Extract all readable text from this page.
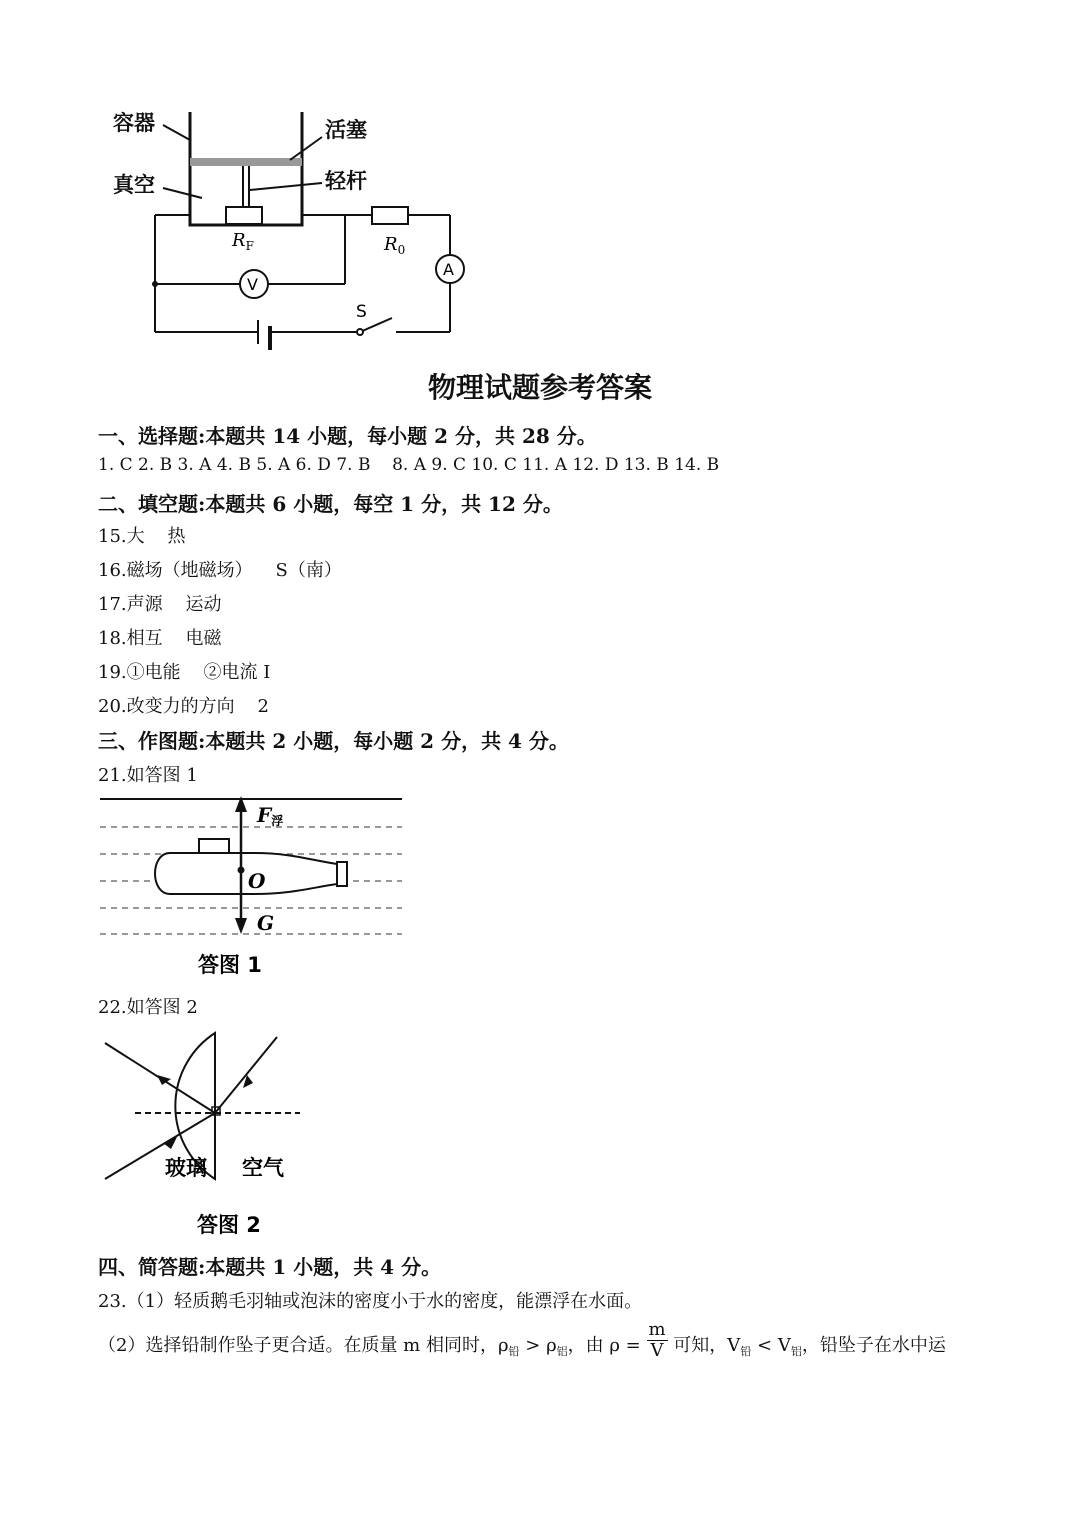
容器	活塞
真空	轻杆
$R_F$	$R_0$
A
V
S
物理试题参考答案
一、选择题:本题共 14 小题，每小题 2 分，共 28 分。
1. C 2. B 3. A 4. B 5. A 6. D 7. B    8. A 9. C 10. C 11. A 12. D 13. B 14. B
二、填空题:本题共 6 小题，每空 1 分，共 12 分。
15.大    热
16.磁场（地磁场）    S（南）
17.声源    运动
18.相互    电磁
19.①电能    ②电流 I
20.改变力的方向    2
三、作图题:本题共 2 小题，每小题 2 分，共 4 分。
21.如答图 1
F浮
O
G
答图 1
22.如答图 2
玻璃 空气
答图 2
四、简答题:本题共 1 小题，共 4 分。
23.（1）轻质鹅毛羽轴或泡沫的密度小于水的密度，能漂浮在水面。
（2）选择铅制作坠子更合适。在质量 m 相同时，$\rho_铅 > \rho_铝$，由 $\rho = \frac{m}{V}$ 可知，$V_铅 < V_铝$，铅坠子在水中运
